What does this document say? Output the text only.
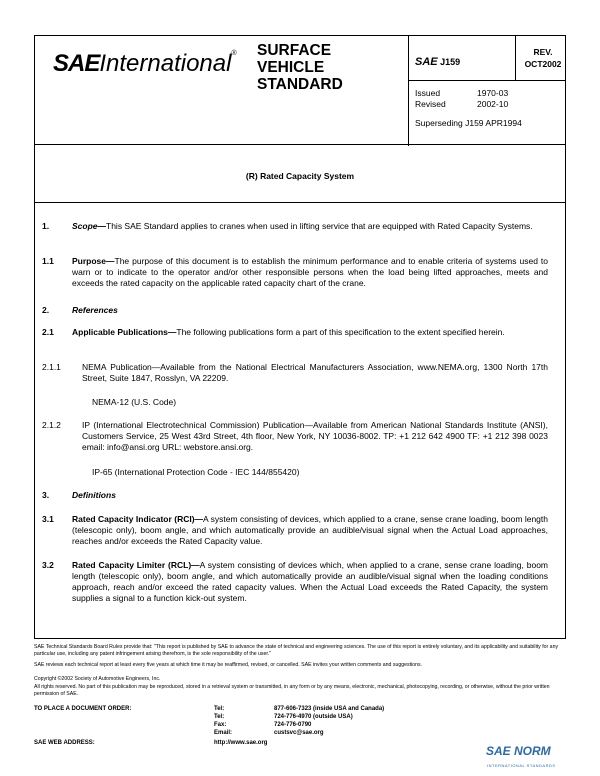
SAEInternational® SURFACE
VEHICLE
STANDARD
SAE J159
REV.
OCT2002
Issued	1970-03
Revised	2002-10
Superseding J159 APR1994
(R) Rated Capacity System
1.	Scope—This SAE Standard applies to cranes when used in lifting service that are equipped with Rated Capacity Systems.
1.1 Purpose—The purpose of this document is to establish the minimum performance and to enable criteria of systems used to warn or to indicate to the operator and/or other responsible persons when the load being lifted approaches, meets and exceeds the rated capacity on the applicable rated capacity chart of the crane.
2.	References
2.1 Applicable Publications—The following publications form a part of this specification to the extent specified herein.
2.1.1 NEMA Publication—Available from the National Electrical Manufacturers Association, www.NEMA.org, 1300 North 17th Street, Suite 1847, Rosslyn, VA 22209.
NEMA-12 (U.S. Code)
2.1.2 IP (International Electrotechnical Commission) Publication—Available from American National Standards Institute (ANSI), Customers Service, 25 West 43rd Street, 4th floor, New York, NY 10036-8002. TP: +1 212 642 4900 TF: +1 212 398 0023 email: info@ansi.org URL: webstore.ansi.org.
IP-65 (International Protection Code - IEC 144/855420)
3.	Definitions
3.1 Rated Capacity Indicator (RCI)—A system consisting of devices, which applied to a crane, sense crane loading, boom length (telescopic only), boom angle, and which automatically provide an audible/visual signal when the Actual Load approaches, reaches and/or exceeds the Rated Capacity value.
3.2 Rated Capacity Limiter (RCL)—A system consisting of devices which, when applied to a crane, sense crane loading, boom length (telescopic only), boom angle, and which automatically provide an audible/visual signal when the loading conditions approach, reach and/or exceed the rated capacity values. When the Actual Load exceeds the Rated Capacity, the system supplies a signal to a function kick-out system.
SAE Technical Standards Board Rules provide that: "This report is published by SAE to advance the state of technical and engineering sciences. The use of this report is entirely voluntary, and its applicability and suitability for any particular use, including any patent infringement arising therefrom, is the sole responsibility of the user."
SAE reviews each technical report at least every five years at which time it may be reaffirmed, revised, or cancelled. SAE invites your written comments and suggestions.
Copyright ©2002 Society of Automotive Engineers, Inc.
All rights reserved. No part of this publication may be reproduced, stored in a retrieval system or transmitted, in any form or by any means, electronic, mechanical, photocopying, recording, or otherwise, without the prior written permission of SAE.
TO PLACE A DOCUMENT ORDER:	Tel:	877-606-7323 (inside USA and Canada)
Tel:	724-776-4970 (outside USA)
Fax:	724-776-0790
Email:	custsvc@sae.org
SAE WEB ADDRESS:	http://www.sae.org
SAE NORM
INTERNATIONAL STANDARDS
